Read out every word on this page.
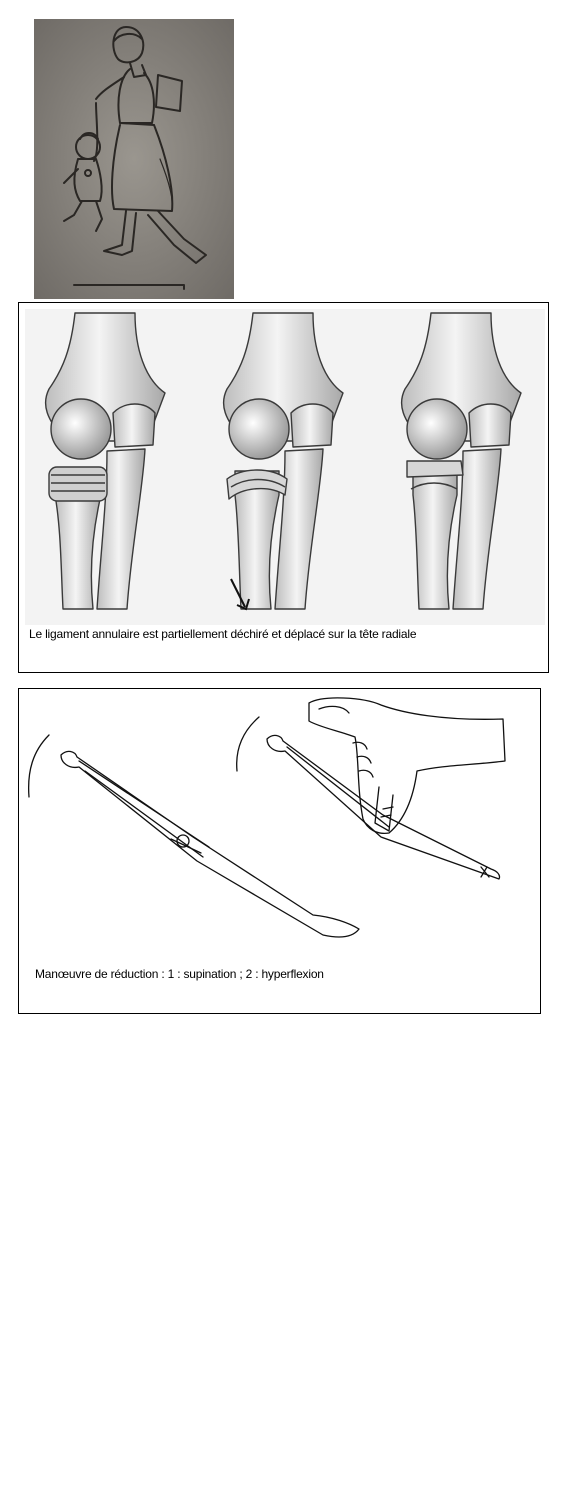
Le ligament annulaire est partiellement déchiré et déplacé sur la tête radiale
Manœuvre de réduction : 1 : supination ; 2 : hyperflexion
